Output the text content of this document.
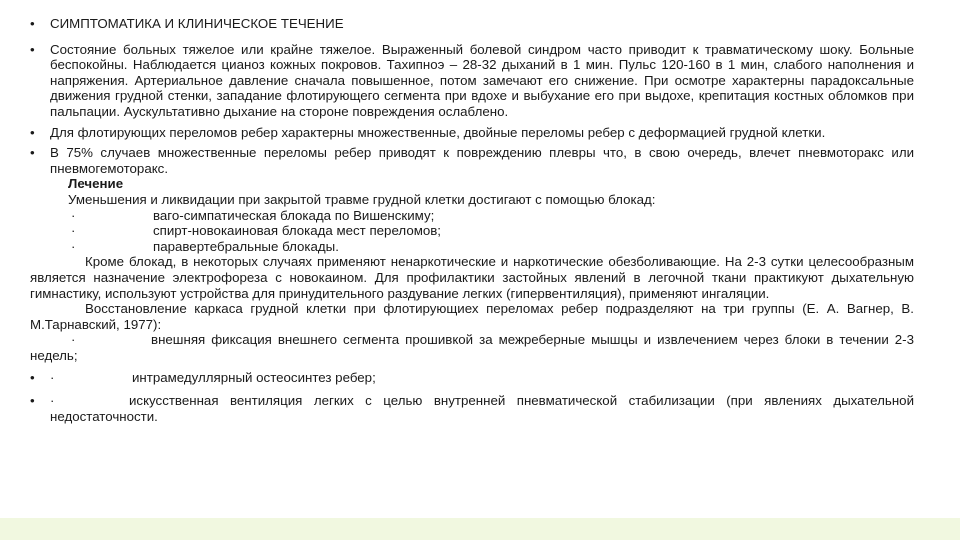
• СИМПТОМАТИКА И КЛИНИЧЕСКОЕ ТЕЧЕНИЕ
• Состояние больных тяжелое или крайне тяжелое. Выраженный болевой синдром часто приводит к травматическому шоку. Больные беспокойны. Наблюдается цианоз кожных покровов. Тахипноэ – 28-32 дыханий в 1 мин. Пульс 120-160 в 1 мин, слабого наполнения и напряжения. Артериальное давление сначала повышенное, потом замечают его снижение. При осмотре характерны парадоксальные движения грудной стенки, западание флотирующего сегмента при вдохе и выбухание его при выдохе, крепитация костных обломков при пальпации. Аускультативно дыхание на стороне повреждения ослаблено.
• Для флотирующих переломов ребер характерны множественные, двойные переломы ребер с деформацией грудной клетки.
• В 75% случаев множественные переломы ребер приводят к повреждению плевры что, в свою очередь, влечет пневмоторакс или пневмогемоторакс.
Лечение
Уменьшения и ликвидации при закрытой травме грудной клетки достигают с помощью блокад:
·	ваго-симпатическая блокада по Вишенскиму;
·	спирт-новокаиновая блокада мест переломов;
·	паравертебральные блокады.
Кроме блокад, в некоторых случаях применяют ненаркотические и наркотические обезболивающие. На 2-3 сутки целесообразным является назначение электрофореза с новокаином. Для профилактики застойных явлений в легочной ткани практикуют дыхательную гимнастику, используют устройства для принудительного раздувание легких (гипервентиляция), применяют ингаляции.
Восстановление каркаса грудной клетки при флотирующиех переломах ребер подразделяют на три группы (Е. А. Вагнер, В. М.Тарнавский, 1977):
·	внешняя фиксация внешнего сегмента прошивкой за межреберные мышцы и извлечением через блоки в течении 2-3 недель;
• ·	интрамедуллярный остеосинтез ребер;
• ·	искусственная вентиляция легких с целью внутренней пневматической стабилизации (при явлениях дыхательной недостаточности.
